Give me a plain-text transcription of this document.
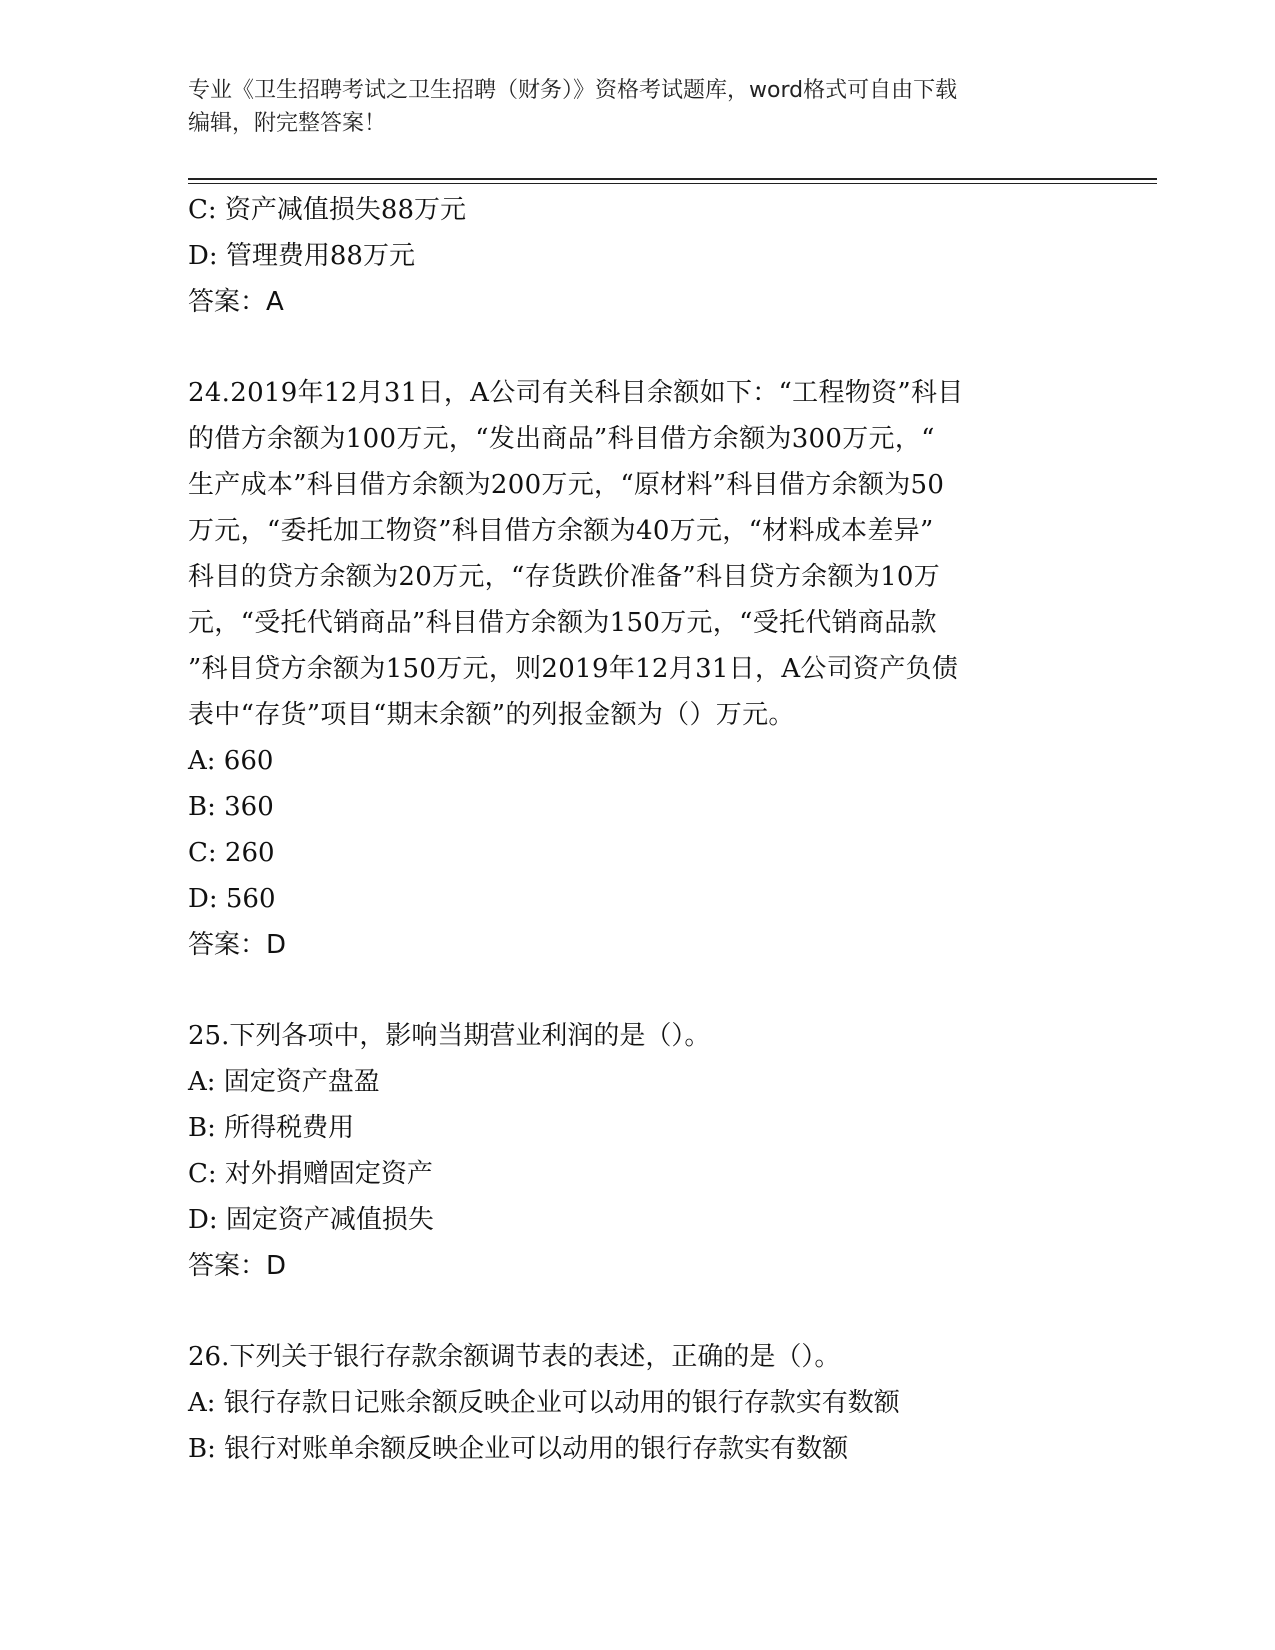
专业《卫生招聘考试之卫生招聘（财务）》资格考试题库，word格式可自由下载
编辑，附完整答案！
C: 资产减值损失88万元
D: 管理费用88万元
答案：A
24.2019年12月31日，A公司有关科目余额如下：“工程物资”科目
的借方余额为100万元，“发出商品”科目借方余额为300万元，“
生产成本”科目借方余额为200万元，“原材料”科目借方余额为50
万元，“委托加工物资”科目借方余额为40万元，“材料成本差异”
科目的贷方余额为20万元，“存货跌价准备”科目贷方余额为10万
元，“受托代销商品”科目借方余额为150万元，“受托代销商品款
”科目贷方余额为150万元，则2019年12月31日，A公司资产负债
表中“存货”项目“期末余额”的列报金额为（）万元。
A: 660
B: 360
C: 260
D: 560
答案：D
25.下列各项中，影响当期营业利润的是（）。
A: 固定资产盘盈
B: 所得税费用
C: 对外捐赠固定资产
D: 固定资产减值损失
答案：D
26.下列关于银行存款余额调节表的表述，正确的是（）。
A: 银行存款日记账余额反映企业可以动用的银行存款实有数额
B: 银行对账单余额反映企业可以动用的银行存款实有数额
